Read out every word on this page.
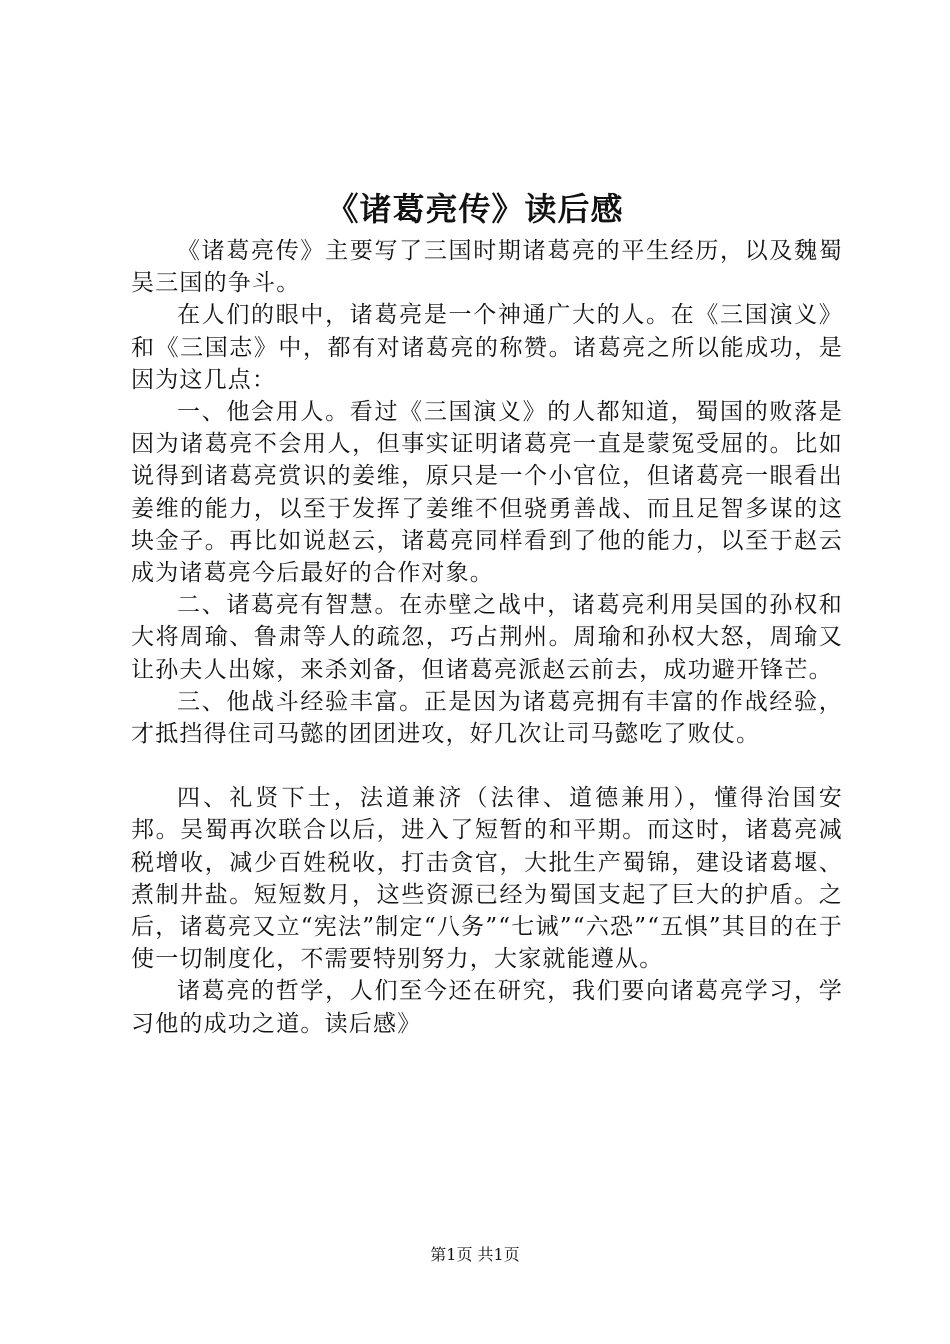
《诸葛亮传》读后感

《诸葛亮传》主要写了三国时期诸葛亮的平生经历，以及魏蜀吴三国的争斗。

在人们的眼中，诸葛亮是一个神通广大的人。在《三国演义》和《三国志》中，都有对诸葛亮的称赞。诸葛亮之所以能成功，是因为这几点：

一、他会用人。看过《三国演义》的人都知道，蜀国的败落是因为诸葛亮不会用人，但事实证明诸葛亮一直是蒙冤受屈的。比如说得到诸葛亮赏识的姜维，原只是一个小官位，但诸葛亮一眼看出姜维的能力，以至于发挥了姜维不但骁勇善战、而且足智多谋的这块金子。再比如说赵云，诸葛亮同样看到了他的能力，以至于赵云成为诸葛亮今后最好的合作对象。

二、诸葛亮有智慧。在赤壁之战中，诸葛亮利用吴国的孙权和大将周瑜、鲁肃等人的疏忽，巧占荆州。周瑜和孙权大怒，周瑜又让孙夫人出嫁，来杀刘备，但诸葛亮派赵云前去，成功避开锋芒。

三、他战斗经验丰富。正是因为诸葛亮拥有丰富的作战经验，才抵挡得住司马懿的团团进攻，好几次让司马懿吃了败仗。

四、礼贤下士，法道兼济（法律、道德兼用），懂得治国安邦。吴蜀再次联合以后，进入了短暂的和平期。而这时，诸葛亮减税增收，减少百姓税收，打击贪官，大批生产蜀锦，建设诸葛堰、煮制井盐。短短数月，这些资源已经为蜀国支起了巨大的护盾。之后，诸葛亮又立“宪法”制定“八务”“七诫”“六恐”“五惧”其目的在于使一切制度化，不需要特别努力，大家就能遵从。

诸葛亮的哲学，人们至今还在研究，我们要向诸葛亮学习，学习他的成功之道。读后感》

第1页 共1页
